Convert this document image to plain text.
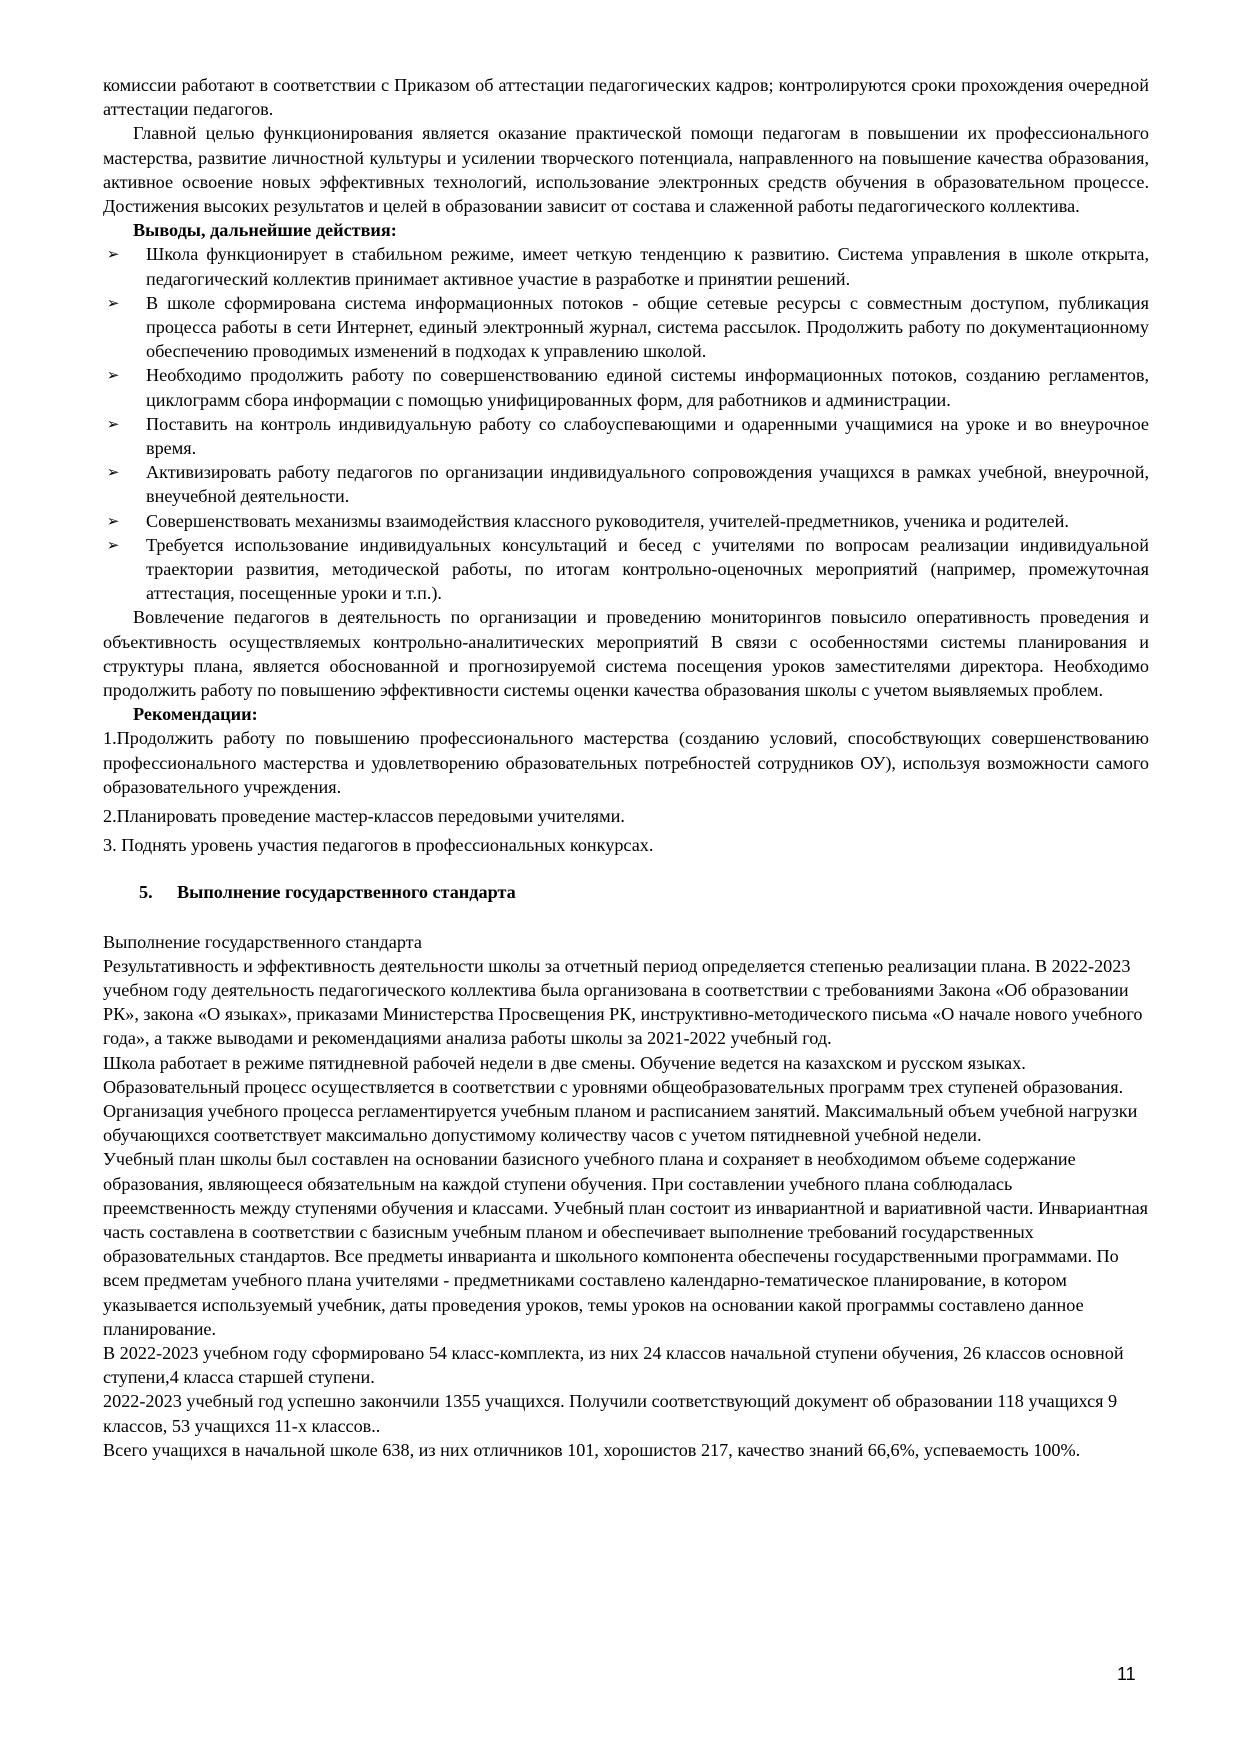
комиссии работают в соответствии с Приказом об аттестации педагогических кадров; контролируются сроки прохождения очередной аттестации педагогов.

Главной целью функционирования является оказание практической помощи педагогам в повышении их профессионального мастерства, развитие личностной культуры и усилении творческого потенциала, направленного на повышение качества образования, активное освоение новых эффективных технологий, использование электронных средств обучения в образовательном процессе. Достижения высоких результатов и целей в образовании зависит от состава и слаженной работы педагогического коллектива.

Выводы, дальнейшие действия:

➢ Школа функционирует в стабильном режиме, имеет четкую тенденцию к развитию. Система управления в школе открыта, педагогический коллектив принимает активное участие в разработке и принятии решений.
➢ В школе сформирована система информационных потоков - общие сетевые ресурсы с совместным доступом, публикация процесса работы в сети Интернет, единый электронный журнал, система рассылок. Продолжить работу по документационному обеспечению проводимых изменений в подходах к управлению школой.
➢ Необходимо продолжить работу по совершенствованию единой системы информационных потоков, созданию регламентов, циклограмм сбора информации с помощью унифицированных форм, для работников и администрации.
➢ Поставить на контроль индивидуальную работу со слабоуспевающими и одаренными учащимися на уроке и во внеурочное время.
➢ Активизировать работу педагогов по организации индивидуального сопровождения учащихся в рамках учебной, внеурочной, внеучебной деятельности.
➢ Совершенствовать механизмы взаимодействия классного руководителя, учителей-предметников, ученика и родителей.
➢ Требуется использование индивидуальных консультаций и бесед с учителями по вопросам реализации индивидуальной траектории развития, методической работы, по итогам контрольно-оценочных мероприятий (например, промежуточная аттестация, посещенные уроки и т.п.).

Вовлечение педагогов в деятельность по организации и проведению мониторингов повысило оперативность проведения и объективность осуществляемых контрольно-аналитических мероприятий В связи с особенностями системы планирования и структуры плана, является обоснованной и прогнозируемой система посещения уроков заместителями директора. Необходимо продолжить работу по повышению эффективности системы оценки качества образования школы с учетом выявляемых проблем.

Рекомендации:

1.Продолжить работу по повышению профессионального мастерства (созданию условий, способствующих совершенствованию профессионального мастерства и удовлетворению образовательных потребностей сотрудников ОУ), используя возможности самого образовательного учреждения.

2.Планировать проведение мастер-классов передовыми учителями.

3. Поднять уровень участия педагогов в профессиональных конкурсах.

5. Выполнение государственного стандарта

Выполнение государственного стандарта

Результативность и эффективность деятельности школы за отчетный период определяется степенью реализации плана. В 2022-2023 учебном году деятельность педагогического коллектива была организована в соответствии с требованиями Закона «Об образовании РК», закона «О языках», приказами Министерства Просвещения РК, инструктивно-методического письма «О начале нового учебного года», а также выводами и рекомендациями анализа работы школы за 2021-2022 учебный год.

Школа работает в режиме пятидневной рабочей недели в две смены. Обучение ведется на казахском и русском языках. Образовательный процесс осуществляется в соответствии с уровнями общеобразовательных программ трех ступеней образования. Организация учебного процесса регламентируется учебным планом и расписанием занятий. Максимальный объем учебной нагрузки обучающихся соответствует максимально допустимому количеству часов с учетом пятидневной учебной недели.

Учебный план школы был составлен на основании базисного учебного плана и сохраняет в необходимом объеме содержание образования, являющееся обязательным на каждой ступени обучения. При составлении учебного плана соблюдалась преемственность между ступенями обучения и классами. Учебный план состоит из инвариантной и вариативной части. Инвариантная часть составлена в соответствии с базисным учебным планом и обеспечивает выполнение требований государственных образовательных стандартов. Все предметы инварианта и школьного компонента обеспечены государственными программами. По всем предметам учебного плана учителями - предметниками составлено календарно-тематическое планирование, в котором указывается используемый учебник, даты проведения уроков, темы уроков на основании какой программы составлено данное планирование.

В 2022-2023 учебном году сформировано 54 класс-комплекта, из них 24 классов начальной ступени обучения, 26 классов основной ступени,4 класса старшей ступени.

2022-2023 учебный год успешно закончили 1355 учащихся. Получили соответствующий документ об образовании 118 учащихся 9 классов, 53 учащихся 11-х классов..

Всего учащихся в начальной школе 638, из них отличников 101, хорошистов 217, качество знаний 66,6%, успеваемость 100%.

11
